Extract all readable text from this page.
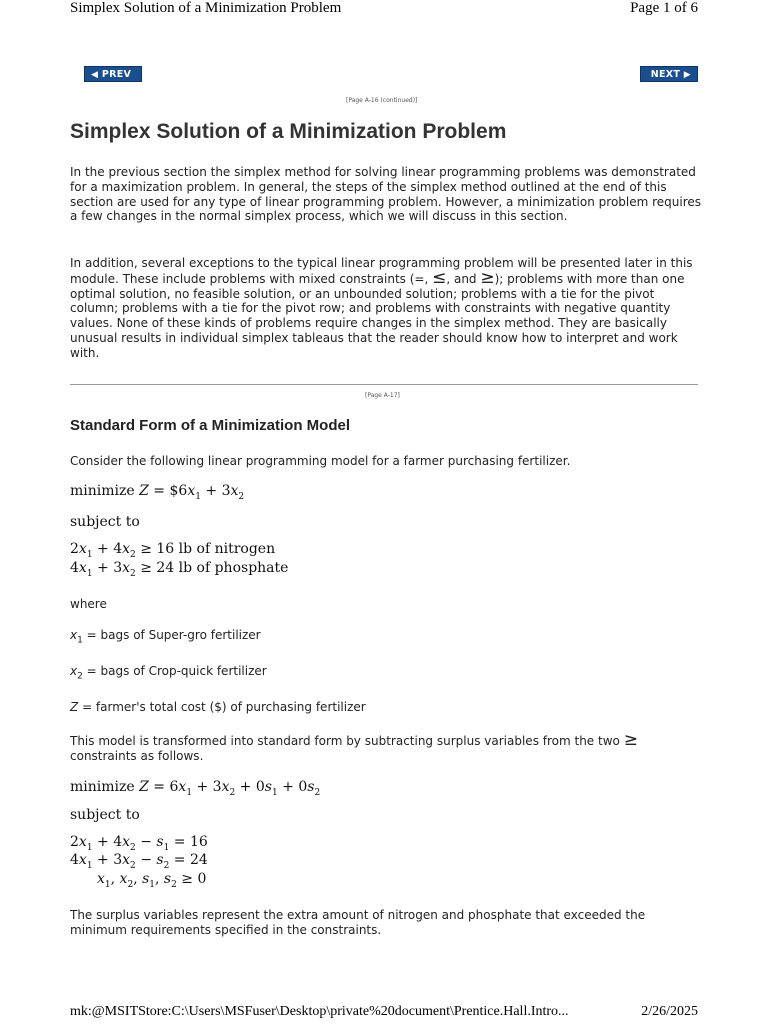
Simplex Solution of a Minimization Problem	Page 1 of 6
◀ PREV	NEXT ▶
[Page A-16 (continued)]
Simplex Solution of a Minimization Problem
In the previous section the simplex method for solving linear programming problems was demonstrated for a maximization problem. In general, the steps of the simplex method outlined at the end of this section are used for any type of linear programming problem. However, a minimization problem requires a few changes in the normal simplex process, which we will discuss in this section.
In addition, several exceptions to the typical linear programming problem will be presented later in this module. These include problems with mixed constraints (=, ≤, and ≥); problems with more than one optimal solution, no feasible solution, or an unbounded solution; problems with a tie for the pivot column; problems with a tie for the pivot row; and problems with constraints with negative quantity values. None of these kinds of problems require changes in the simplex method. They are basically unusual results in individual simplex tableaus that the reader should know how to interpret and work with.
[Page A-17]
Standard Form of a Minimization Model
Consider the following linear programming model for a farmer purchasing fertilizer.
minimize $Z = \$6x_1 + 3x_2$
subject to
$2x_1 + 4x_2 \ge 16$ lb of nitrogen
$4x_1 + 3x_2 \ge 24$ lb of phosphate
where
$x_1$ = bags of Super-gro fertilizer
$x_2$ = bags of Crop-quick fertilizer
Z = farmer's total cost ($) of purchasing fertilizer
This model is transformed into standard form by subtracting surplus variables from the two ≥ constraints as follows.
minimize $Z = 6x_1 + 3x_2 + 0s_1 + 0s_2$
subject to
$2x_1 + 4x_2 - s_1 = 16$
$4x_1 + 3x_2 - s_2 = 24$
$x_1$, $x_2$, $s_1$, $s_2 \ge 0$
The surplus variables represent the extra amount of nitrogen and phosphate that exceeded the minimum requirements specified in the constraints.
mk:@MSITStore:C:\Users\MSFuser\Desktop\private%20document\Prentice.Hall.Intro...	2/26/2025
